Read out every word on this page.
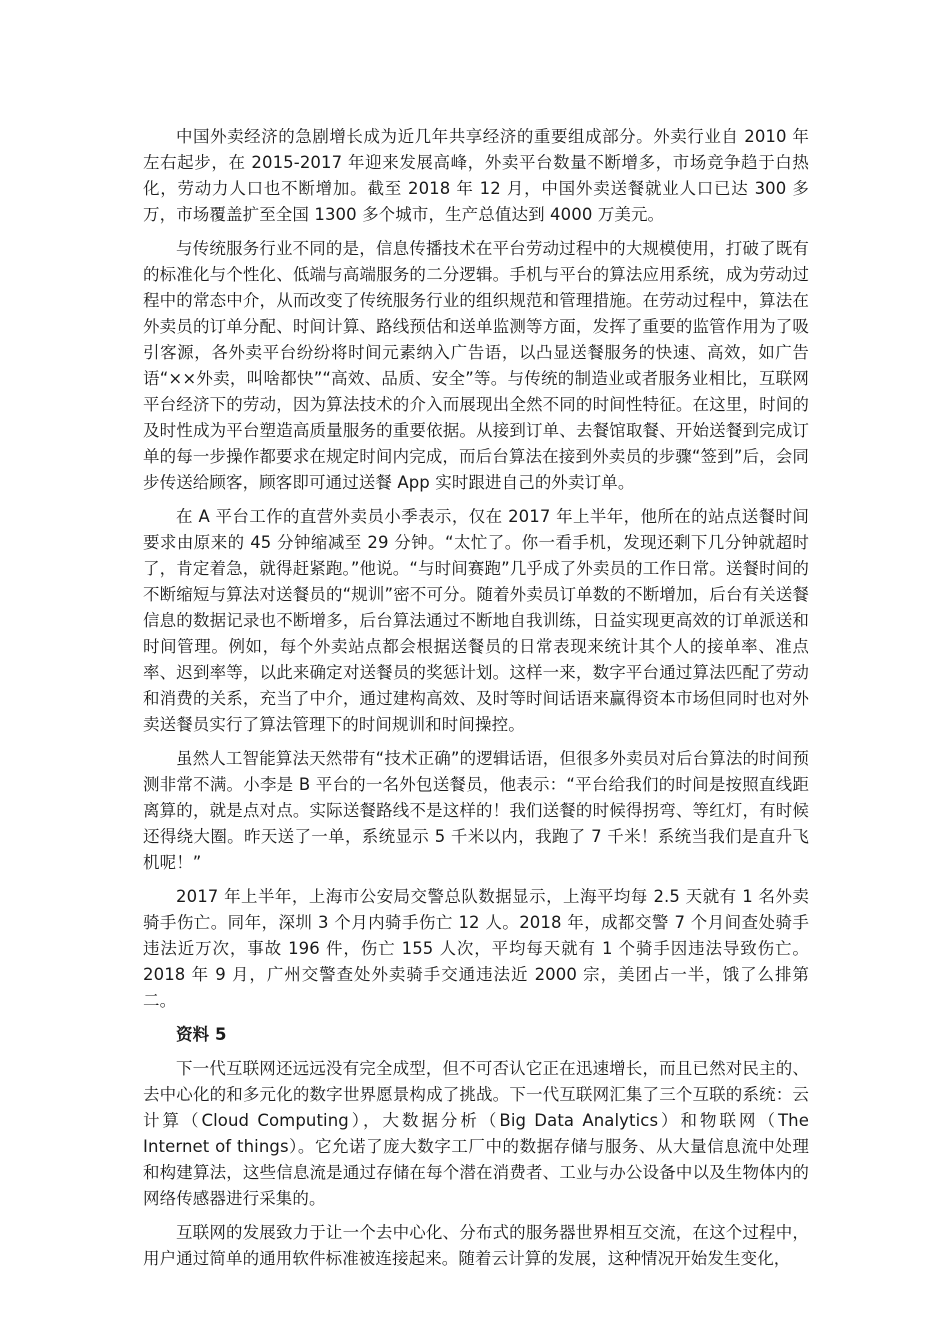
中国外卖经济的急剧增长成为近几年共享经济的重要组成部分。外卖行业自 2010 年左右起步，在 2015-2017 年迎来发展高峰，外卖平台数量不断增多，市场竞争趋于白热化，劳动力人口也不断增加。截至 2018 年 12 月，中国外卖送餐就业人口已达 300 多万，市场覆盖扩至全国 1300 多个城市，生产总值达到 4000 万美元。

与传统服务行业不同的是，信息传播技术在平台劳动过程中的大规模使用，打破了既有的标准化与个性化、低端与高端服务的二分逻辑。手机与平台的算法应用系统，成为劳动过程中的常态中介，从而改变了传统服务行业的组织规范和管理措施。在劳动过程中，算法在外卖员的订单分配、时间计算、路线预估和送单监测等方面，发挥了重要的监管作用为了吸引客源，各外卖平台纷纷将时间元素纳入广告语，以凸显送餐服务的快速、高效，如广告语“××外卖，叫啥都快”“高效、品质、安全”等。与传统的制造业或者服务业相比，互联网平台经济下的劳动，因为算法技术的介入而展现出全然不同的时间性特征。在这里，时间的及时性成为平台塑造高质量服务的重要依据。从接到订单、去餐馆取餐、开始送餐到完成订单的每一步操作都要求在规定时间内完成，而后台算法在接到外卖员的步骤“签到”后，会同步传送给顾客，顾客即可通过送餐 App 实时跟进自己的外卖订单。

在 A 平台工作的直营外卖员小季表示，仅在 2017 年上半年，他所在的站点送餐时间要求由原来的 45 分钟缩减至 29 分钟。“太忙了。你一看手机，发现还剩下几分钟就超时了，肯定着急，就得赶紧跑。”他说。“与时间赛跑”几乎成了外卖员的工作日常。送餐时间的不断缩短与算法对送餐员的“规训”密不可分。随着外卖员订单数的不断增加，后台有关送餐信息的数据记录也不断增多，后台算法通过不断地自我训练，日益实现更高效的订单派送和时间管理。例如，每个外卖站点都会根据送餐员的日常表现来统计其个人的接单率、准点率、迟到率等，以此来确定对送餐员的奖惩计划。这样一来，数字平台通过算法匹配了劳动和消费的关系，充当了中介，通过建构高效、及时等时间话语来赢得资本市场但同时也对外卖送餐员实行了算法管理下的时间规训和时间操控。

虽然人工智能算法天然带有“技术正确”的逻辑话语，但很多外卖员对后台算法的时间预测非常不满。小李是 B 平台的一名外包送餐员，他表示：“平台给我们的时间是按照直线距离算的，就是点对点。实际送餐路线不是这样的！我们送餐的时候得拐弯、等红灯，有时候还得绕大圈。昨天送了一单，系统显示 5 千米以内，我跑了 7 千米！系统当我们是直升飞机呢！”

2017 年上半年，上海市公安局交警总队数据显示，上海平均每 2.5 天就有 1 名外卖骑手伤亡。同年，深圳 3 个月内骑手伤亡 12 人。2018 年，成都交警 7 个月间查处骑手违法近万次，事故 196 件，伤亡 155 人次，平均每天就有 1 个骑手因违法导致伤亡。2018 年 9 月，广州交警查处外卖骑手交通违法近 2000 宗，美团占一半，饿了么排第二。

资料 5

下一代互联网还远远没有完全成型，但不可否认它正在迅速增长，而且已然对民主的、去中心化的和多元化的数字世界愿景构成了挑战。下一代互联网汇集了三个互联的系统：云计算（Cloud Computing），大数据分析（Big Data Analytics）和物联网（The Internet of things）。它允诺了庞大数字工厂中的数据存储与服务、从大量信息流中处理和构建算法，这些信息流是通过存储在每个潜在消费者、工业与办公设备中以及生物体内的网络传感器进行采集的。

互联网的发展致力于让一个去中心化、分布式的服务器世界相互交流，在这个过程中，用户通过简单的通用软件标准被连接起来。随着云计算的发展，这种情况开始发生变化，
